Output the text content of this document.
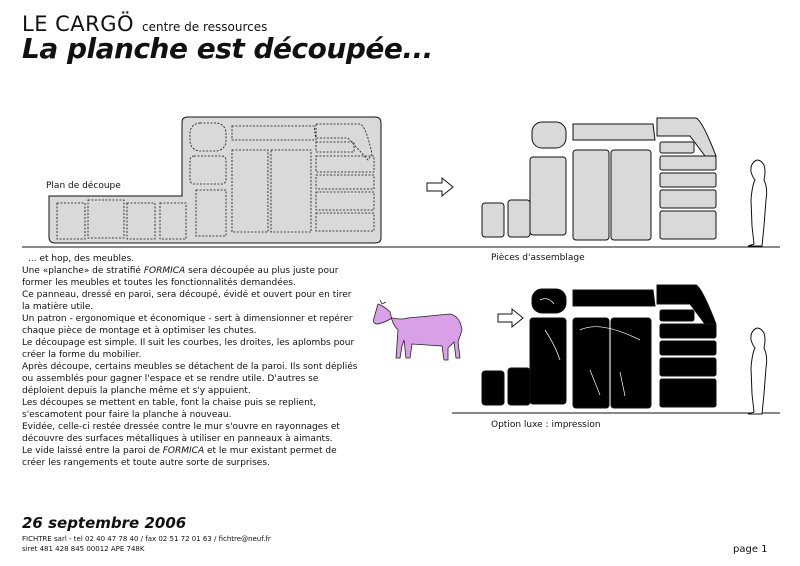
LE CARGÖ centre de ressources
La planche est découpée...
Plan de découpe
Pièces d'assemblage
Option luxe : impression

... et hop, des meubles.

Une «planche» de stratifié FORMICA sera découpée au plus juste pour

former les meubles et toutes les fonctionnalités demandées.

Ce panneau, dressé en paroi, sera découpé, évidé et ouvert pour en tirer

la matière utile.

Un patron - ergonomique et économique - sert à dimensionner et repérer

chaque pièce de montage et à optimiser les chutes.

Le découpage est simple. Il suit les courbes, les droites, les aplombs pour

créer la forme du mobilier.

Après découpe, certains meubles se détachent de la paroi. Ils sont dépliés

ou assemblés pour gagner l'espace et se rendre utile. D'autres se

déploient depuis la planche même et s'y appuient.

Les découpes se mettent en table, font la chaise puis se replient,

s'escamotent pour faire la planche à nouveau.

Evidée, celle-ci restée dressée contre le mur s'ouvre en rayonnages et

découvre des surfaces métalliques à utiliser en panneaux à aimants.

Le vide laissé entre la paroi de FORMICA et le mur existant permet de

créer les rangements et toute autre sorte de surprises.

26 septembre 2006
FICHTRE sarl - tel 02 40 47 78 40 / fax 02 51 72 01 63 / fichtre@neuf.fr
siret 481 428 845 00012 APE 748K	page 1
